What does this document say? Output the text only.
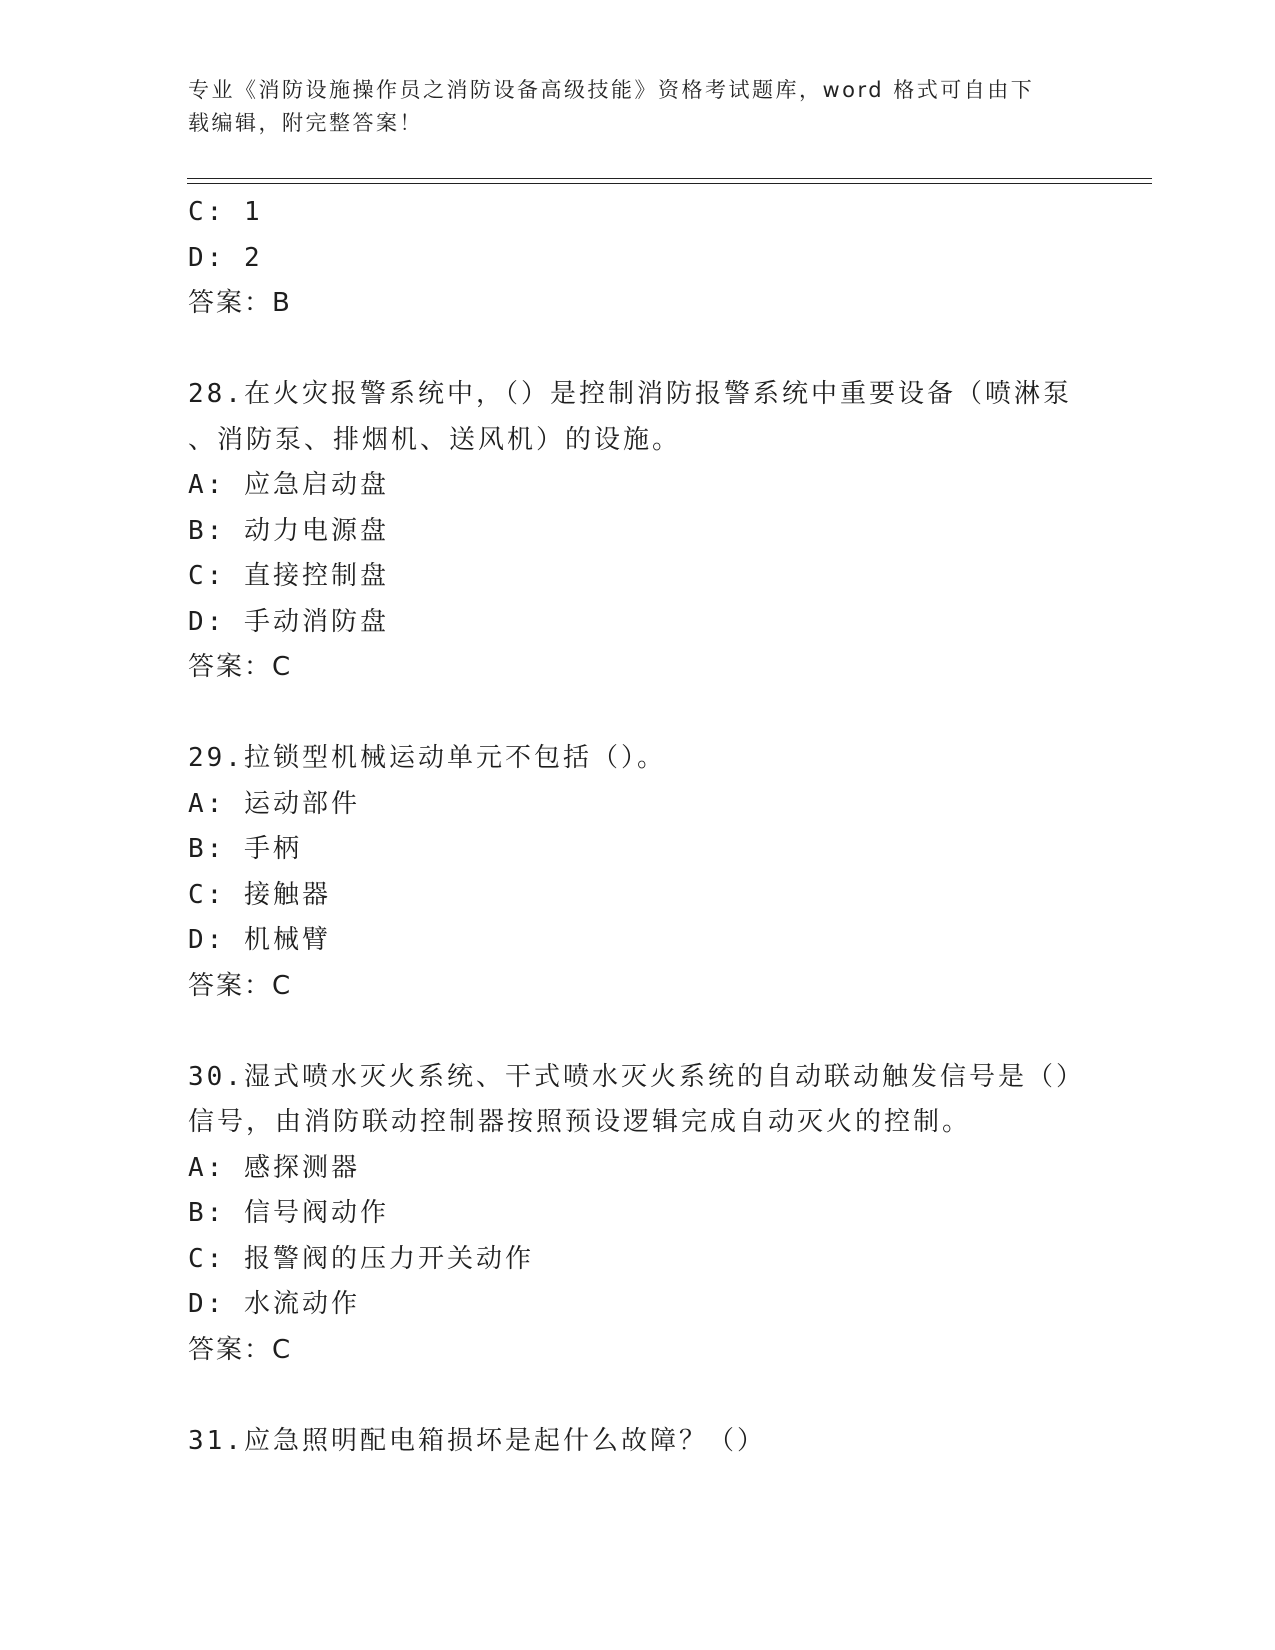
专业《消防设施操作员之消防设备高级技能》资格考试题库，word 格式可自由下
载编辑，附完整答案！
C: 1
D: 2
答案：B
28.在火灾报警系统中，（）是控制消防报警系统中重要设备（喷淋泵
、消防泵、排烟机、送风机）的设施。
A: 应急启动盘
B: 动力电源盘
C: 直接控制盘
D: 手动消防盘
答案：C
29.拉锁型机械运动单元不包括（）。
A: 运动部件
B: 手柄
C: 接触器
D: 机械臂
答案：C
30.湿式喷水灭火系统、干式喷水灭火系统的自动联动触发信号是（）
信号，由消防联动控制器按照预设逻辑完成自动灭火的控制。
A: 感探测器
B: 信号阀动作
C: 报警阀的压力开关动作
D: 水流动作
答案：C
31.应急照明配电箱损坏是起什么故障？（）
